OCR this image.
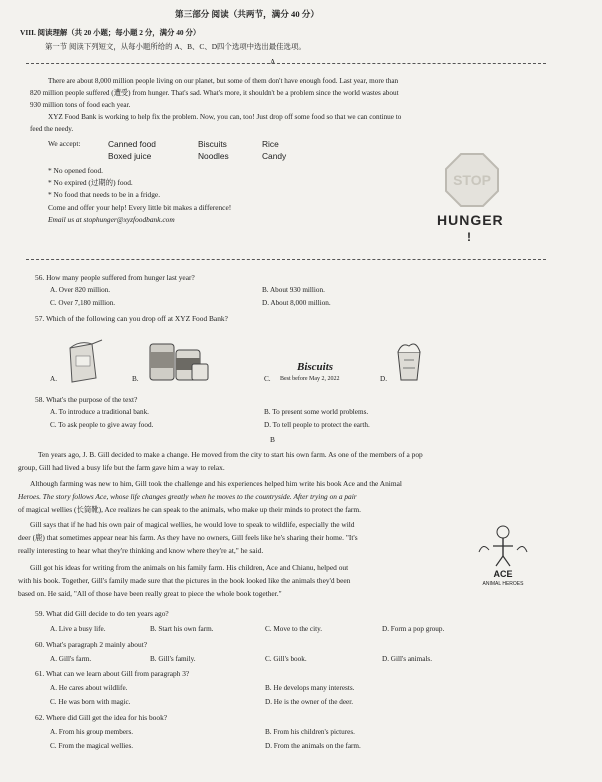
第三部分 阅读（共两节，满分 40 分）
VIII. 阅读理解（共 20 小题；每小题 2 分，满分 40 分）
第一节 阅读下列短文，从每小题所给的 A、B、C、D四个选项中选出最佳选项。
A
There are about 8,000 million people living on our planet, but some of them don't have enough food. Last year, more than
820 million people suffered (遭受) from hunger. That's sad. What's more, it shouldn't be a problem since the world wastes about
930 million tons of food each year.
XYZ Food Bank is working to help fix the problem. Now, you can, too! Just drop off some food so that we can continue to
feed the needy.
We accept:	Canned food	Biscuits	Rice
Boxed juice	Noodles	Candy
* No opened food.
* No expired (过期的) food.
* No food that needs to be in a fridge.
Come and offer your help! Every little bit makes a difference!
Email us at stophunger@xyzfoodbank.com
STOP
HUNGER
!
56. How many people suffered from hunger last year?
A. Over 820 million.	B. About 930 million.
C. Over 7,180 million.	D. About 8,000 million.
57. Which of the following can you drop off at XYZ Food Bank?
A.	B.	C.
Biscuits
Best before May 2, 2022	D.
58. What's the purpose of the text?
A. To introduce a traditional bank.	B. To present some world problems.
C. To ask people to give away food.	D. To tell people to protect the earth.
B
Ten years ago, J. B. Gill decided to make a change. He moved from the city to start his own farm. As one of the members of a pop
group, Gill had lived a busy life but the farm gave him a way to relax.
Although farming was new to him, Gill took the challenge and his experiences helped him write his book Ace and the Animal
Heroes. The story follows Ace, whose life changes greatly when he moves to the countryside. After trying on a pair
of magical wellies (长筒靴), Ace realizes he can speak to the animals, who make up their minds to protect the farm.
Gill says that if he had his own pair of magical wellies, he would love to speak to wildlife, especially the wild
deer (鹿) that sometimes appear near his farm. As they have no owners, Gill feels like he's sharing their home. "It's
really interesting to hear what they're thinking and know where they're at," he said.
Gill got his ideas for writing from the animals on his family farm. His children, Ace and Chianu, helped out
with his book. Together, Gill's family made sure that the pictures in the book looked like the animals they'd been
based on. He said, "All of those have been really great to piece the whole book together."
ACE
ANIMAL HEROES
59. What did Gill decide to do ten years ago?
A. Live a busy life.	B. Start his own farm.	C. Move to the city.	D. Form a pop group.
60. What's paragraph 2 mainly about?
A. Gill's farm.	B. Gill's family.	C. Gill's book.	D. Gill's animals.
61. What can we learn about Gill from paragraph 3?
A. He cares about wildlife.	B. He develops many interests.
C. He was born with magic.	D. He is the owner of the deer.
62. Where did Gill get the idea for his book?
A. From his group members.	B. From his children's pictures.
C. From the magical wellies.	D. From the animals on the farm.
